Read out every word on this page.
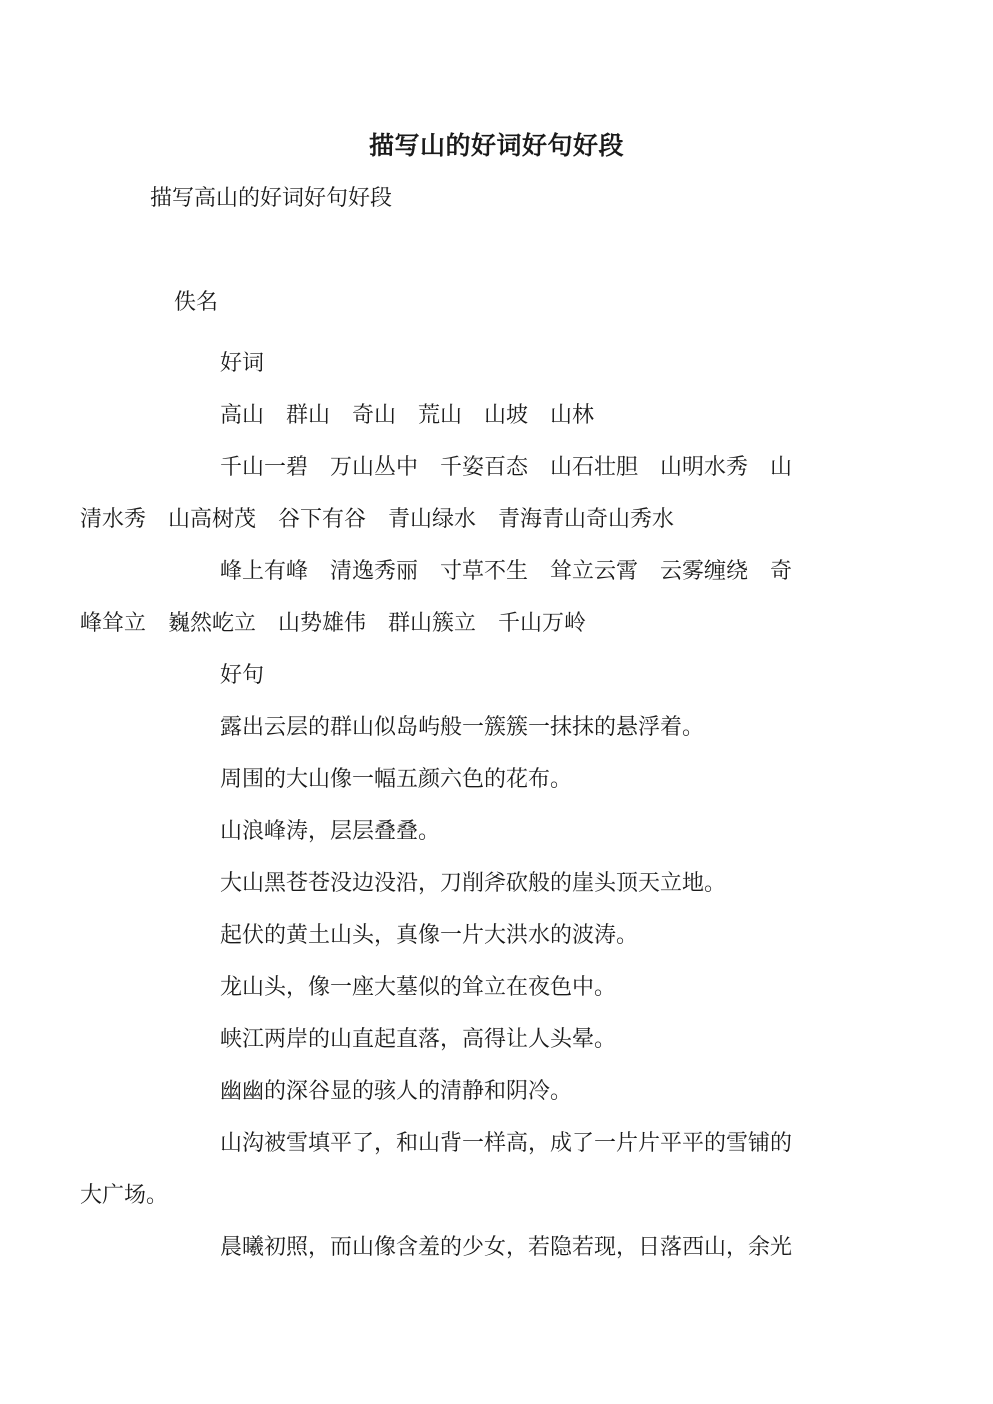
描写山的好词好句好段
描写高山的好词好句好段
佚名

好词

高山　群山　奇山　荒山　山坡　山林

千山一碧　万山丛中　千姿百态　山石壮胆　山明水秀　山
清水秀　山高树茂　谷下有谷　青山绿水　青海青山奇山秀水

峰上有峰　清逸秀丽　寸草不生　耸立云霄　云雾缠绕　奇
峰耸立　巍然屹立　山势雄伟　群山簇立　千山万岭

好句

露出云层的群山似岛屿般一簇簇一抹抹的悬浮着。

周围的大山像一幅五颜六色的花布。

山浪峰涛，层层叠叠。

大山黑苍苍没边没沿，刀削斧砍般的崖头顶天立地。

起伏的黄土山头，真像一片大洪水的波涛。

龙山头，像一座大墓似的耸立在夜色中。

峡江两岸的山直起直落，高得让人头晕。

幽幽的深谷显的骇人的清静和阴冷。

山沟被雪填平了，和山背一样高，成了一片片平平的雪铺的
大广场。

晨曦初照，而山像含羞的少女，若隐若现，日落西山，余光
